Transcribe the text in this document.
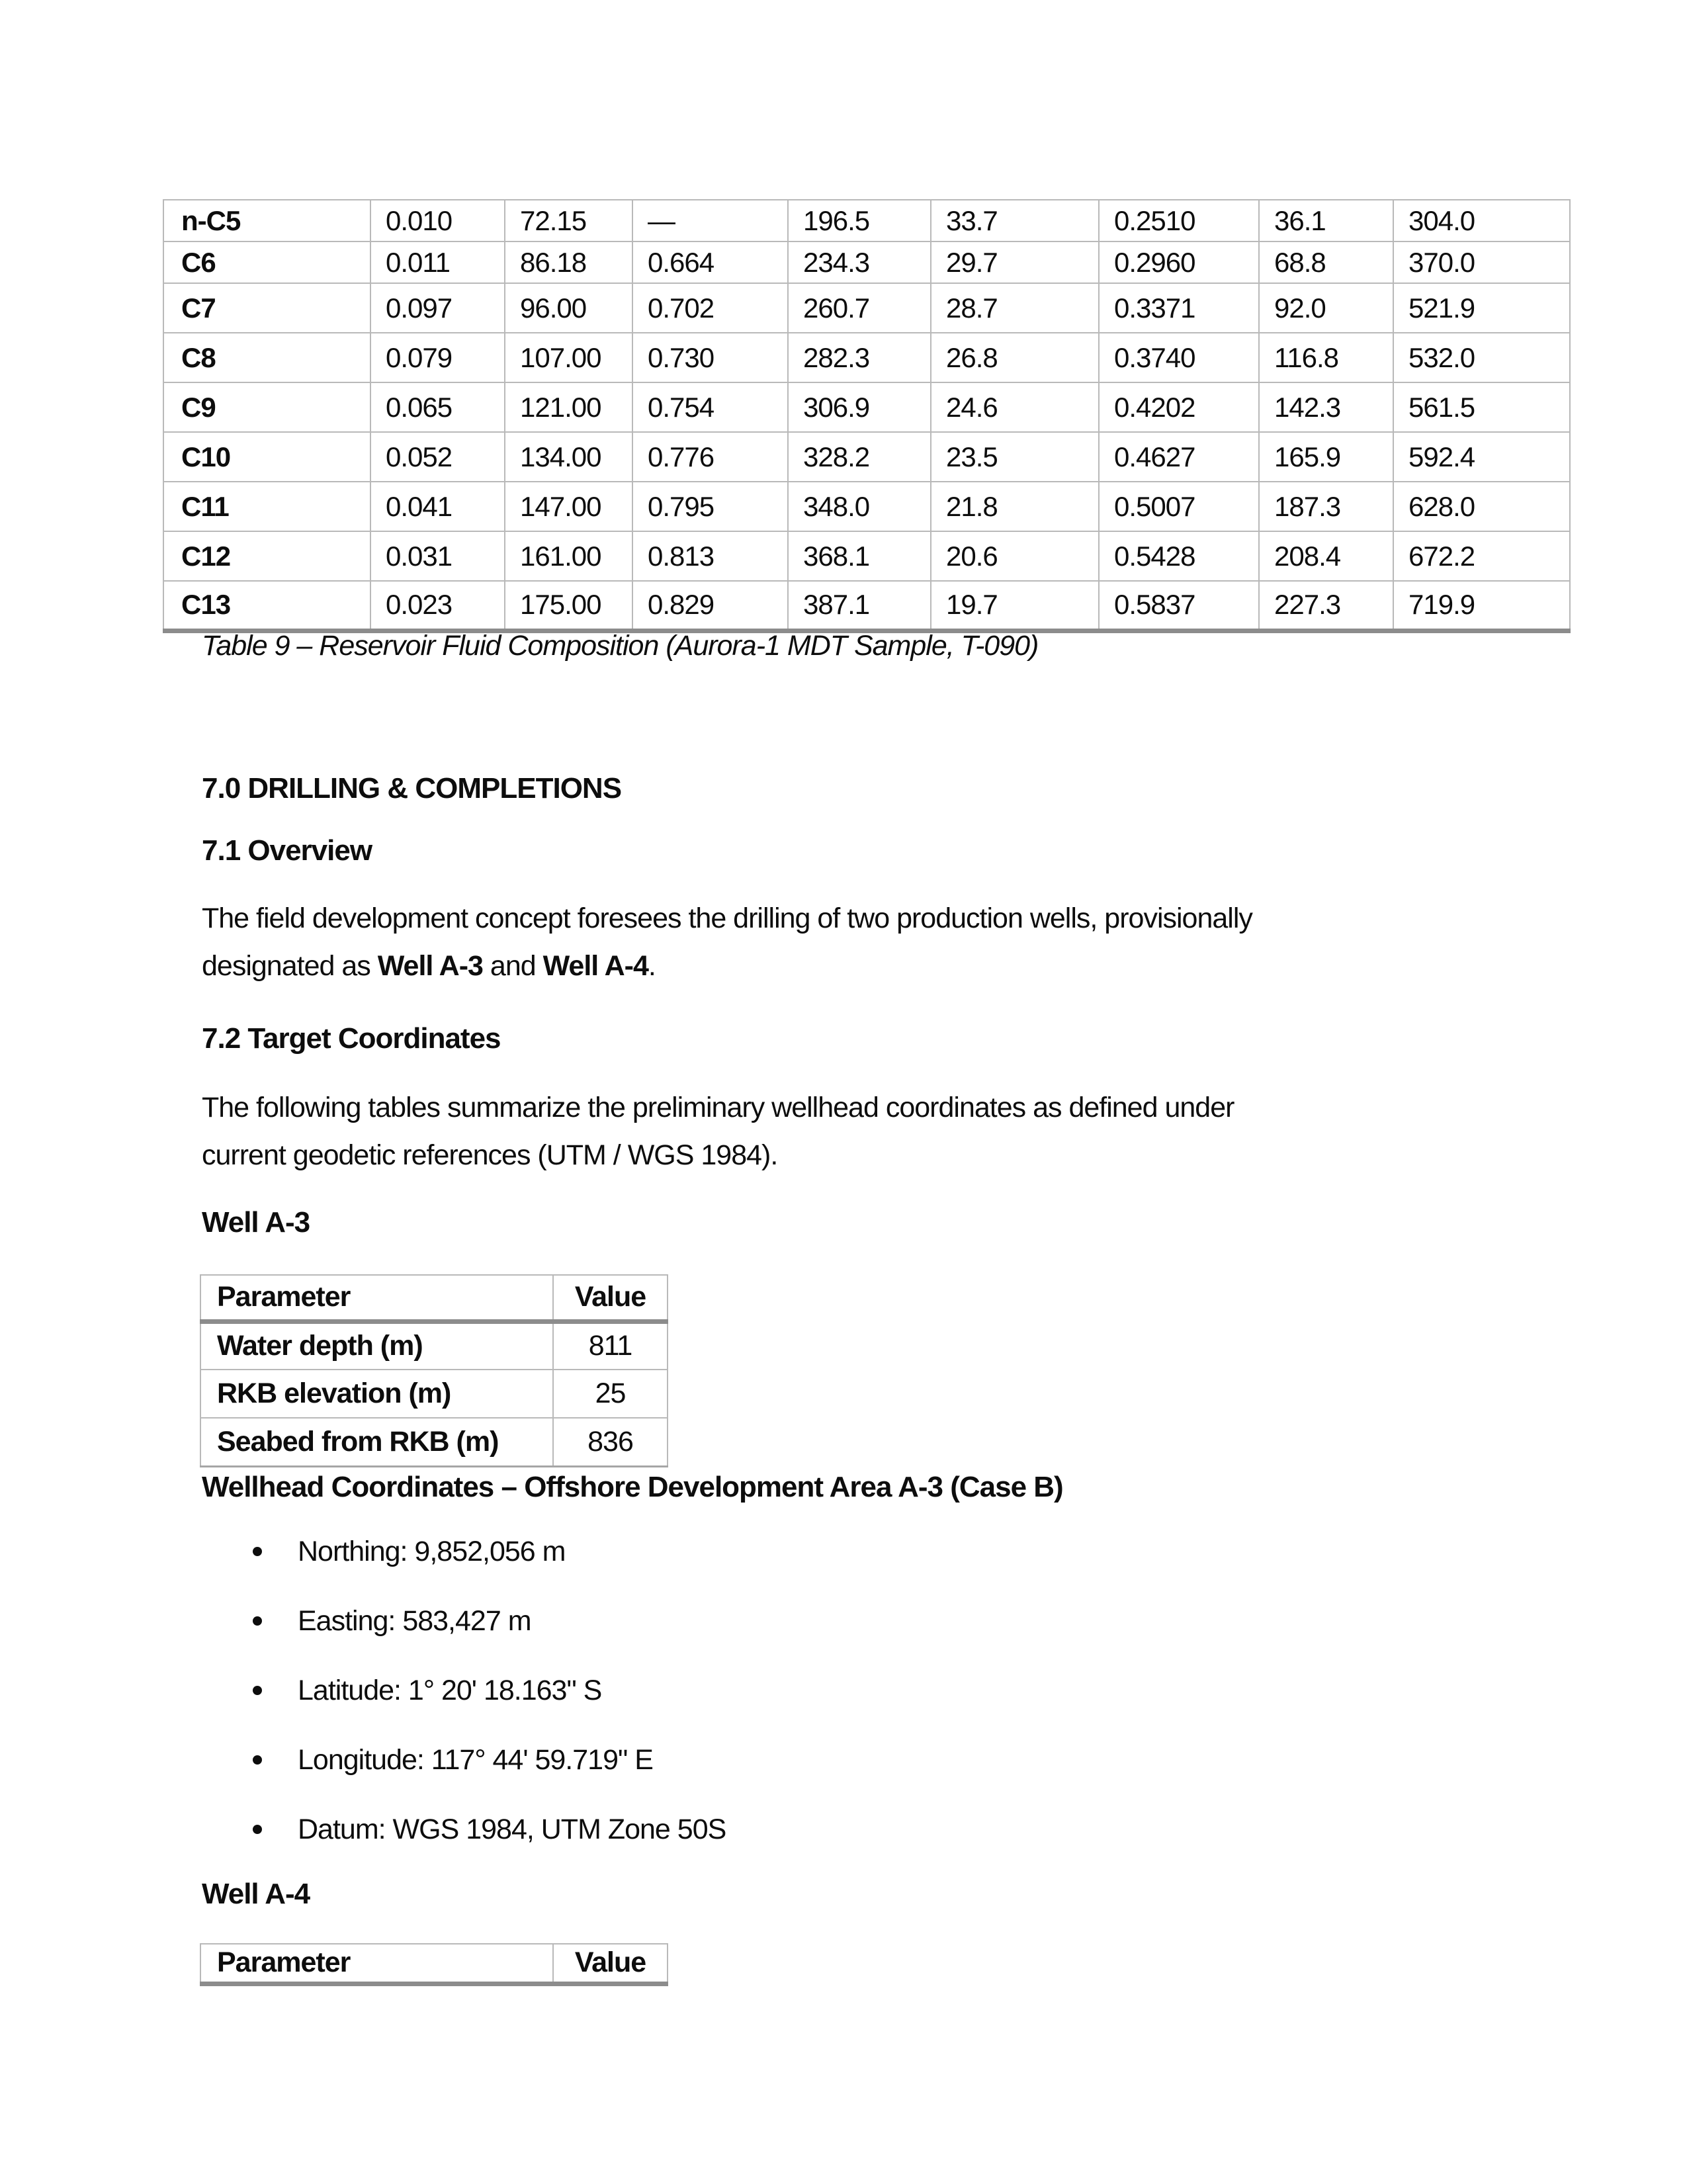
n-C5	0.010	72.15	—	196.5	33.7	0.2510	36.1	304.0
C6	0.011	86.18	0.664	234.3	29.7	0.2960	68.8	370.0
C7	0.097	96.00	0.702	260.7	28.7	0.3371	92.0	521.9
C8	0.079	107.00	0.730	282.3	26.8	0.3740	116.8	532.0
C9	0.065	121.00	0.754	306.9	24.6	0.4202	142.3	561.5
C10	0.052	134.00	0.776	328.2	23.5	0.4627	165.9	592.4
C11	0.041	147.00	0.795	348.0	21.8	0.5007	187.3	628.0
C12	0.031	161.00	0.813	368.1	20.6	0.5428	208.4	672.2
C13	0.023	175.00	0.829	387.1	19.7	0.5837	227.3	719.9
Table 9 – Reservoir Fluid Composition (Aurora-1 MDT Sample, T-090)
7.0 DRILLING & COMPLETIONS
7.1 Overview
The field development concept foresees the drilling of two production wells, provisionally
designated as Well A-3 and Well A-4.
7.2 Target Coordinates
The following tables summarize the preliminary wellhead coordinates as defined under
current geodetic references (UTM / WGS 1984).
Well A-3
Parameter	Value
Water depth (m)	811
RKB elevation (m)	25
Seabed from RKB (m)	836
Wellhead Coordinates – Offshore Development Area A-3 (Case B)
Northing: 9,852,056 m
Easting: 583,427 m
Latitude: 1° 20' 18.163" S
Longitude: 117° 44' 59.719" E
Datum: WGS 1984, UTM Zone 50S
Well A-4
Parameter	Value
